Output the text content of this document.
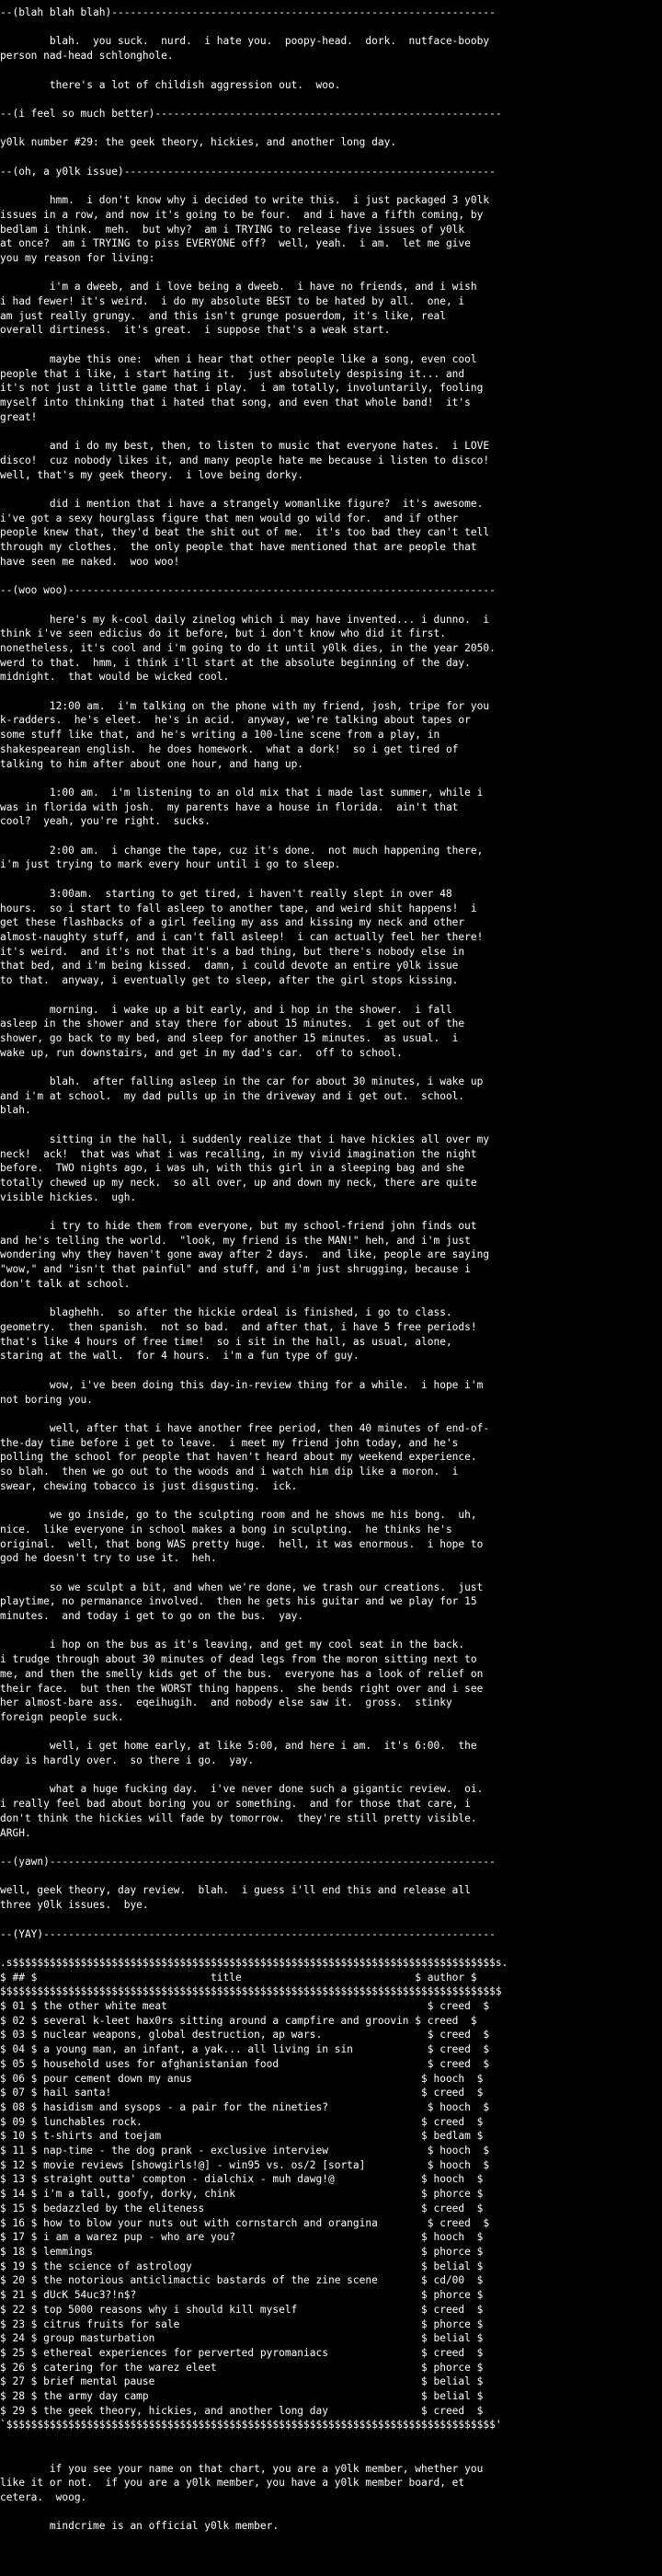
--(blah blah blah)--------------------------------------------------------------

blah.  you suck.  nurd.  i hate you.  poopy-head.  dork.  nutface-booby
person nad-head schlonghole.

there's a lot of childish aggression out.  woo.

--(i feel so much better)--------------------------------------------------------

y0lk number #29: the geek theory, hickies, and another long day.

--(oh, a y0lk issue)------------------------------------------------------------

hmm.  i don't know why i decided to write this.  i just packaged 3 y0lk
issues in a row, and now it's going to be four.  and i have a fifth coming, by
bedlam i think.  meh.  but why?  am i TRYING to release five issues of y0lk
at once?  am i TRYING to piss EVERYONE off?  well, yeah.  i am.  let me give
you my reason for living:

i'm a dweeb, and i love being a dweeb.  i have no friends, and i wish
i had fewer! it's weird.  i do my absolute BEST to be hated by all.  one, i
am just really grungy.  and this isn't grunge posuerdom, it's like, real
overall dirtiness.  it's great.  i suppose that's a weak start.

maybe this one:  when i hear that other people like a song, even cool
people that i like, i start hating it.  just absolutely despising it... and
it's not just a little game that i play.  i am totally, involuntarily, fooling
myself into thinking that i hated that song, and even that whole band!  it's
great!

and i do my best, then, to listen to music that everyone hates.  i LOVE
disco!  cuz nobody likes it, and many people hate me because i listen to disco!
well, that's my geek theory.  i love being dorky.

did i mention that i have a strangely womanlike figure?  it's awesome.
i've got a sexy hourglass figure that men would go wild for.  and if other
people knew that, they'd beat the shit out of me.  it's too bad they can't tell
through my clothes.  the only people that have mentioned that are people that
have seen me naked.  woo woo!

--(woo woo)---------------------------------------------------------------------

here's my k-cool daily zinelog which i may have invented... i dunno.  i
think i've seen edicius do it before, but i don't know who did it first.
nonetheless, it's cool and i'm going to do it until y0lk dies, in the year 2050.
werd to that.  hmm, i think i'll start at the absolute beginning of the day.
midnight.  that would be wicked cool.

12:00 am.  i'm talking on the phone with my friend, josh, tripe for you
k-radders.  he's eleet.  he's in acid.  anyway, we're talking about tapes or
some stuff like that, and he's writing a 100-line scene from a play, in
shakespearean english.  he does homework.  what a dork!  so i get tired of
talking to him after about one hour, and hang up.

1:00 am.  i'm listening to an old mix that i made last summer, while i
was in florida with josh.  my parents have a house in florida.  ain't that
cool?  yeah, you're right.  sucks.

2:00 am.  i change the tape, cuz it's done.  not much happening there,
i'm just trying to mark every hour until i go to sleep.

3:00am.  starting to get tired, i haven't really slept in over 48
hours.  so i start to fall asleep to another tape, and weird shit happens!  i
get these flashbacks of a girl feeling my ass and kissing my neck and other
almost-naughty stuff, and i can't fall asleep!  i can actually feel her there!
it's weird.  and it's not that it's a bad thing, but there's nobody else in
that bed, and i'm being kissed.  damn, i could devote an entire y0lk issue
to that.  anyway, i eventually get to sleep, after the girl stops kissing.

morning.  i wake up a bit early, and i hop in the shower.  i fall
asleep in the shower and stay there for about 15 minutes.  i get out of the
shower, go back to my bed, and sleep for another 15 minutes.  as usual.  i
wake up, run downstairs, and get in my dad's car.  off to school.

blah.  after falling asleep in the car for about 30 minutes, i wake up
and i'm at school.  my dad pulls up in the driveway and i get out.  school.
blah.

sitting in the hall, i suddenly realize that i have hickies all over my
neck!  ack!  that was what i was recalling, in my vivid imagination the night
before.  TWO nights ago, i was uh, with this girl in a sleeping bag and she
totally chewed up my neck.  so all over, up and down my neck, there are quite
visible hickies.  ugh.

i try to hide them from everyone, but my school-friend john finds out
and he's telling the world.  "look, my friend is the MAN!" heh, and i'm just
wondering why they haven't gone away after 2 days.  and like, people are saying
"wow," and "isn't that painful" and stuff, and i'm just shrugging, because i
don't talk at school.

blaghehh.  so after the hickie ordeal is finished, i go to class.
geometry.  then spanish.  not so bad.  and after that, i have 5 free periods!
that's like 4 hours of free time!  so i sit in the hall, as usual, alone,
staring at the wall.  for 4 hours.  i'm a fun type of guy.

wow, i've been doing this day-in-review thing for a while.  i hope i'm
not boring you.

well, after that i have another free period, then 40 minutes of end-of-
the-day time before i get to leave.  i meet my friend john today, and he's
polling the school for people that haven't heard about my weekend experience.
so blah.  then we go out to the woods and i watch him dip like a moron.  i
swear, chewing tobacco is just disgusting.  ick.

we go inside, go to the sculpting room and he shows me his bong.  uh,
nice.  like everyone in school makes a bong in sculpting.  he thinks he's
original.  well, that bong WAS pretty huge.  hell, it was enormous.  i hope to
god he doesn't try to use it.  heh.

so we sculpt a bit, and when we're done, we trash our creations.  just
playtime, no permanance involved.  then he gets his guitar and we play for 15
minutes.  and today i get to go on the bus.  yay.

i hop on the bus as it's leaving, and get my cool seat in the back.
i trudge through about 30 minutes of dead legs from the moron sitting next to
me, and then the smelly kids get of the bus.  everyone has a look of relief on
their face.  but then the WORST thing happens.  she bends right over and i see
her almost-bare ass.  eqeihugih.  and nobody else saw it.  gross.  stinky
foreign people suck.

well, i get home early, at like 5:00, and here i am.  it's 6:00.  the
day is hardly over.  so there i go.  yay.

what a huge fucking day.  i've never done such a gigantic review.  oi.
i really feel bad about boring you or something.  and for those that care, i
don't think the hickies will fade by tomorrow.  they're still pretty visible.
ARGH.

--(yawn)------------------------------------------------------------------------

well, geek theory, day review.  blah.  i guess i'll end this and release all
three y0lk issues.  bye.

--(YAY)-------------------------------------------------------------------------

.s$$$$$$$$$$$$$$$$$$$$$$$$$$$$$$$$$$$$$$$$$$$$$$$$$$$$$$$$$$$$$$$$$$$$$$$$$$$$$$s.
$ ## $                            title                            $ author $
$$$$$$$$$$$$$$$$$$$$$$$$$$$$$$$$$$$$$$$$$$$$$$$$$$$$$$$$$$$$$$$$$$$$$$$$$$$$$$$$$
$ 01 $ the other white meat                                          $ creed  $
$ 02 $ several k-leet hax0rs sitting around a campfire and groovin $ creed  $
$ 03 $ nuclear weapons, global destruction, ap wars.                 $ creed  $
$ 04 $ a young man, an infant, a yak... all living in sin            $ creed  $
$ 05 $ household uses for afghanistanian food                        $ creed  $
$ 06 $ pour cement down my anus                                     $ hooch  $
$ 07 $ hail santa!                                                  $ creed  $
$ 08 $ hasidism and sysops - a pair for the nineties?                $ hooch  $
$ 09 $ lunchables rock.                                             $ creed  $
$ 10 $ t-shirts and toejam                                          $ bedlam $
$ 11 $ nap-time - the dog prank - exclusive interview                $ hooch  $
$ 12 $ movie reviews [showgirls!@] - win95 vs. os/2 [sorta]          $ hooch  $
$ 13 $ straight outta' compton - dialchix - muh dawg!@              $ hooch  $
$ 14 $ i'm a tall, goofy, dorky, chink                              $ phorce $
$ 15 $ bedazzled by the eliteness                                   $ creed  $
$ 16 $ how to blow your nuts out with cornstarch and orangina        $ creed  $
$ 17 $ i am a warez pup - who are you?                              $ hooch  $
$ 18 $ lemmings                                                     $ phorce $
$ 19 $ the science of astrology                                     $ belial $
$ 20 $ the notorious anticlimactic bastards of the zine scene       $ cd/00  $
$ 21 $ dUcK 54uc3?!n$?                                              $ phorce $
$ 22 $ top 5000 reasons why i should kill myself                    $ creed  $
$ 23 $ citrus fruits for sale                                       $ phorce $
$ 24 $ group masturbation                                           $ belial $
$ 25 $ ethereal experiences for perverted pyromaniacs               $ creed  $
$ 26 $ catering for the warez eleet                                 $ phorce $
$ 27 $ brief mental pause                                           $ belial $
$ 28 $ the army day camp                                            $ belial $
$ 29 $ the geek theory, hickies, and another long day               $ creed  $
`$$$$$$$$$$$$$$$$$$$$$$$$$$$$$$$$$$$$$$$$$$$$$$$$$$$$$$$$$$$$$$$$$$$$$$$$$$$$$$$'

if you see your name on that chart, you are a y0lk member, whether you
like it or not.  if you are a y0lk member, you have a y0lk member board, et
cetera.  woog.

mindcrime is an official y0lk member.
